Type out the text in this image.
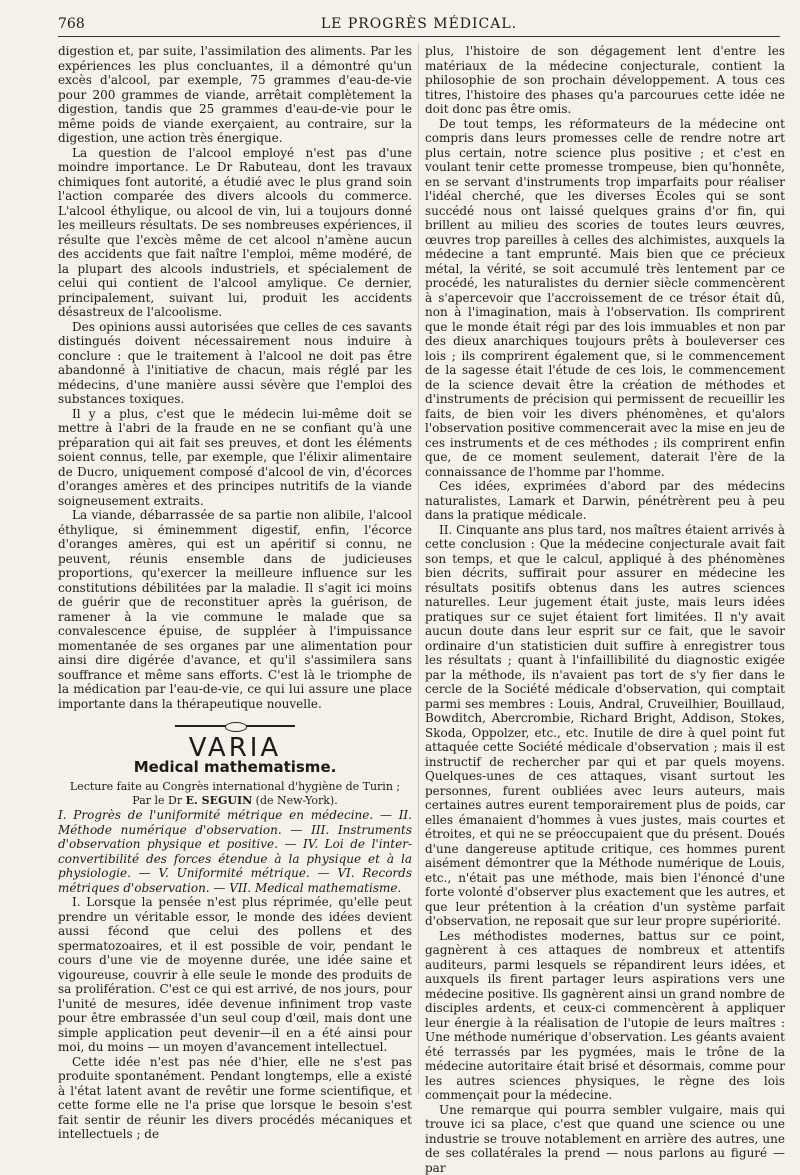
768	LE PROGRÈS MÉDICAL.

digestion et, par suite, l'assimilation des aliments. Par les expériences les plus concluantes, il a démontré qu'un excès d'alcool, par exemple, 75 grammes d'eau-de-vie pour 200 grammes de viande, arrêtait complètement la digestion, tandis que 25 grammes d'eau-de-vie pour le même poids de viande exerçaient, au contraire, sur la digestion, une action très énergique.

La question de l'alcool employé n'est pas d'une moindre importance. Le Dr Rabuteau, dont les travaux chimiques font autorité, a étudié avec le plus grand soin l'action comparée des divers alcools du commerce. L'alcool éthylique, ou alcool de vin, lui a toujours donné les meilleurs résultats. De ses nombreuses expériences, il résulte que l'excès même de cet alcool n'amène aucun des accidents que fait naître l'emploi, même modéré, de la plupart des alcools industriels, et spécialement de celui qui contient de l'alcool amylique. Ce dernier, principalement, suivant lui, produit les accidents désastreux de l'alcoolisme.

Des opinions aussi autorisées que celles de ces savants distingués doivent nécessairement nous induire à conclure : que le traitement à l'alcool ne doit pas être abandonné à l'initiative de chacun, mais réglé par les médecins, d'une manière aussi sévère que l'emploi des substances toxiques.

Il y a plus, c'est que le médecin lui-même doit se mettre à l'abri de la fraude en ne se confiant qu'à une préparation qui ait fait ses preuves, et dont les éléments soient connus, telle, par exemple, que l'élixir alimentaire de Ducro, uniquement composé d'alcool de vin, d'écorces d'oranges amères et des principes nutritifs de la viande soigneusement extraits.

La viande, débarrassée de sa partie non alibile, l'alcool éthylique, si éminemment digestif, enfin, l'écorce d'oranges amères, qui est un apéritif si connu, ne peuvent, réunis ensemble dans de judicieuses proportions, qu'exercer la meilleure influence sur les constitutions débilitées par la maladie. Il s'agit ici moins de guérir que de reconstituer après la guérison, de ramener à la vie commune le malade que sa convalescence épuise, de suppléer à l'impuissance momentanée de ses organes par une alimentation pour ainsi dire digérée d'avance, et qu'il s'assimilera sans souffrance et même sans efforts. C'est là le triomphe de la médication par l'eau-de-vie, ce qui lui assure une place importante dans la thérapeutique nouvelle.

VARIA
Medical mathematisme.
Lecture faite au Congrès international d'hygiène de Turin ;
Par le Dr E. SEGUIN (de New-York).

I. Progrès de l'uniformité métrique en médecine. — II. Méthode numérique d'observation. — III. Instruments d'observation physique et positive. — IV. Loi de l'inter-convertibilité des forces étendue à la physique et à la physiologie. — V. Uniformité métrique. — VI. Records métriques d'observation. — VII. Medical mathematisme.

I. Lorsque la pensée n'est plus réprimée, qu'elle peut prendre un véritable essor, le monde des idées devient aussi fécond que celui des pollens et des spermatozoaires, et il est possible de voir, pendant le cours d'une vie de moyenne durée, une idée saine et vigoureuse, couvrir à elle seule le monde des produits de sa prolifération. C'est ce qui est arrivé, de nos jours, pour l'unité de mesures, idée devenue infiniment trop vaste pour être embrassée d'un seul coup d'œil, mais dont une simple application peut devenir—il en a été ainsi pour moi, du moins — un moyen d'avancement intellectuel.

Cette idée n'est pas née d'hier, elle ne s'est pas produite spontanément. Pendant longtemps, elle a existé à l'état latent avant de revêtir une forme scientifique, et cette forme elle ne l'a prise que lorsque le besoin s'est fait sentir de réunir les divers procédés mécaniques et intellectuels ; de

plus, l'histoire de son dégagement lent d'entre les matériaux de la médecine conjecturale, contient la philosophie de son prochain développement. A tous ces titres, l'histoire des phases qu'a parcourues cette idée ne doit donc pas être omis.

De tout temps, les réformateurs de la médecine ont compris dans leurs promesses celle de rendre notre art plus certain, notre science plus positive ; et c'est en voulant tenir cette promesse trompeuse, bien qu'honnête, en se servant d'instruments trop imparfaits pour réaliser l'idéal cherché, que les diverses Écoles qui se sont succédé nous ont laissé quelques grains d'or fin, qui brillent au milieu des scories de toutes leurs œuvres, œuvres trop pareilles à celles des alchimistes, auxquels la médecine a tant emprunté. Mais bien que ce précieux métal, la vérité, se soit accumulé très lentement par ce procédé, les naturalistes du dernier siècle commencèrent à s'apercevoir que l'accroissement de ce trésor était dû, non à l'imagination, mais à l'observation. Ils comprirent que le monde était régi par des lois immuables et non par des dieux anarchiques toujours prêts à bouleverser ces lois ; ils comprirent également que, si le commencement de la sagesse était l'étude de ces lois, le commencement de la science devait être la création de méthodes et d'instruments de précision qui permissent de recueillir les faits, de bien voir les divers phénomènes, et qu'alors l'observation positive commencerait avec la mise en jeu de ces instruments et de ces méthodes ; ils comprirent enfin que, de ce moment seulement, daterait l'ère de la connaissance de l'homme par l'homme.

Ces idées, exprimées d'abord par des médecins naturalistes, Lamark et Darwin, pénétrèrent peu à peu dans la pratique médicale.

II. Cinquante ans plus tard, nos maîtres étaient arrivés à cette conclusion : Que la médecine conjecturale avait fait son temps, et que le calcul, appliqué à des phénomènes bien décrits, suffirait pour assurer en médecine les résultats positifs obtenus dans les autres sciences naturelles. Leur jugement était juste, mais leurs idées pratiques sur ce sujet étaient fort limitées. Il n'y avait aucun doute dans leur esprit sur ce fait, que le savoir ordinaire d'un statisticien duit suffire à enregistrer tous les résultats ; quant à l'infaillibilité du diagnostic exigée par la méthode, ils n'avaient pas tort de s'y fier dans le cercle de la Société médicale d'observation, qui comptait parmi ses membres : Louis, Andral, Cruveilhier, Bouillaud, Bowditch, Abercrombie, Richard Bright, Addison, Stokes, Skoda, Oppolzer, etc., etc. Inutile de dire à quel point fut attaquée cette Société médicale d'observation ; mais il est instructif de rechercher par qui et par quels moyens. Quelques-unes de ces attaques, visant surtout les personnes, furent oubliées avec leurs auteurs, mais certaines autres eurent temporairement plus de poids, car elles émanaient d'hommes à vues justes, mais courtes et étroites, et qui ne se préoccupaient que du présent. Doués d'une dangereuse aptitude critique, ces hommes purent aisément démontrer que la Méthode numérique de Louis, etc., n'était pas une méthode, mais bien l'énoncé d'une forte volonté d'observer plus exactement que les autres, et que leur prétention à la création d'un système parfait d'observation, ne reposait que sur leur propre supériorité.

Les méthodistes modernes, battus sur ce point, gagnèrent à ces attaques de nombreux et attentifs auditeurs, parmi lesquels se répandirent leurs idées, et auxquels ils firent partager leurs aspirations vers une médecine positive. Ils gagnèrent ainsi un grand nombre de disciples ardents, et ceux-ci commencèrent à appliquer leur énergie à la réalisation de l'utopie de leurs maîtres : Une méthode numérique d'observation. Les géants avaient été terrassés par les pygmées, mais le trône de la médecine autoritaire était brisé et désormais, comme pour les autres sciences physiques, le règne des lois commençait pour la médecine.

Une remarque qui pourra sembler vulgaire, mais qui trouve ici sa place, c'est que quand une science ou une industrie se trouve notablement en arrière des autres, une de ses collatérales la prend — nous parlons au figuré — par
